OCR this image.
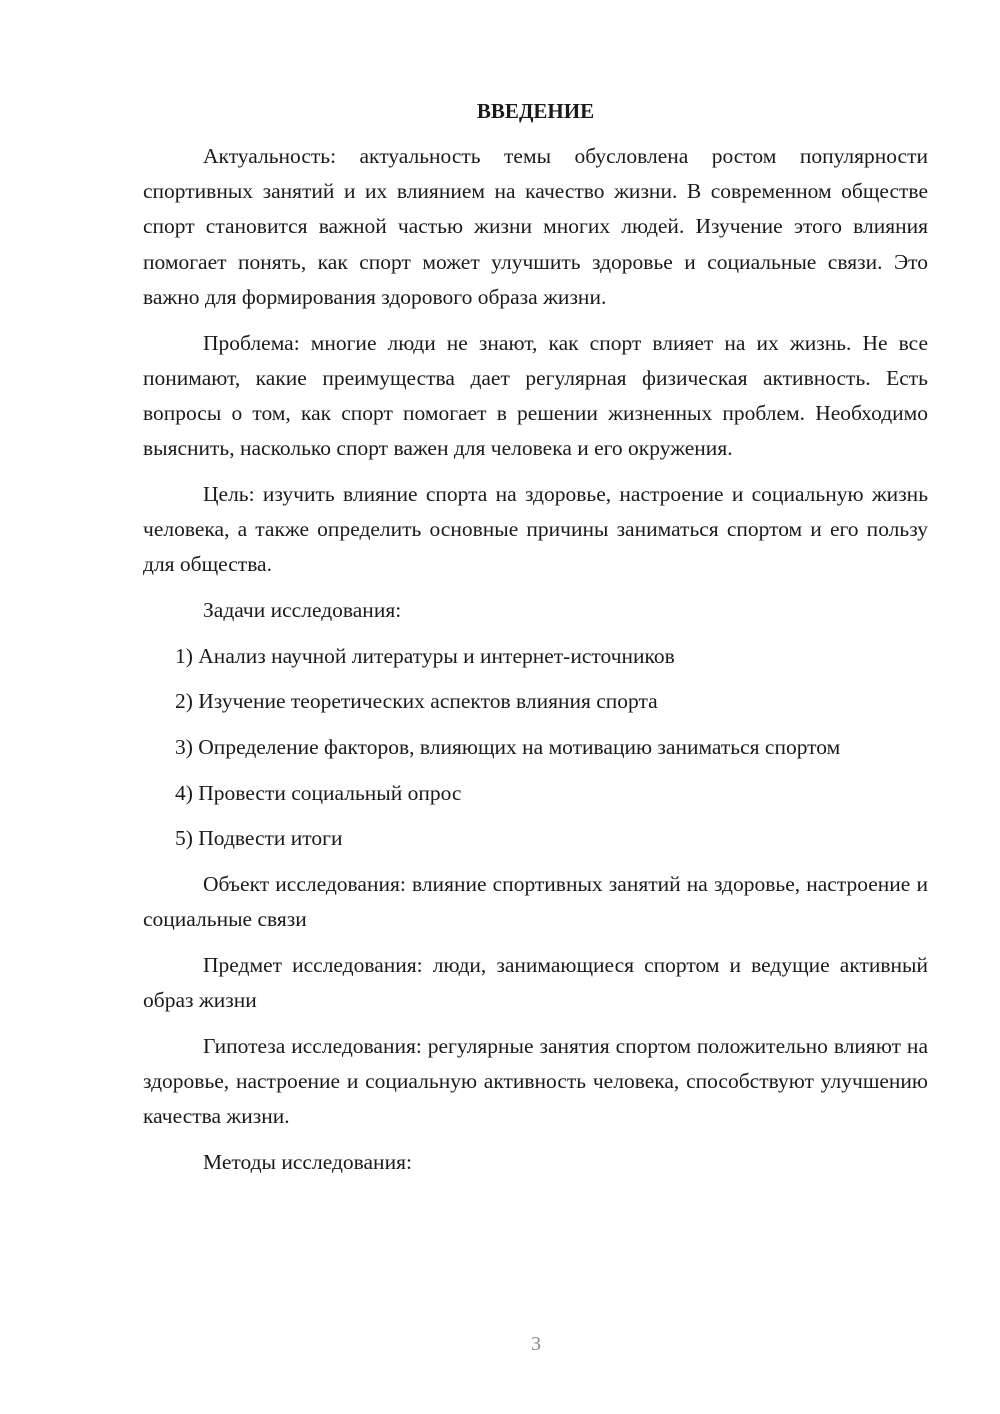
ВВЕДЕНИЕ

Актуальность: актуальность темы обусловлена ростом популярности спортивных занятий и их влиянием на качество жизни. В современном обществе спорт становится важной частью жизни многих людей. Изучение этого влияния помогает понять, как спорт может улучшить здоровье и социальные связи. Это важно для формирования здорового образа жизни.

Проблема: многие люди не знают, как спорт влияет на их жизнь. Не все понимают, какие преимущества дает регулярная физическая активность. Есть вопросы о том, как спорт помогает в решении жизненных проблем. Необходимо выяснить, насколько спорт важен для человека и его окружения.

Цель: изучить влияние спорта на здоровье, настроение и социальную жизнь человека, а также определить основные причины заниматься спортом и его пользу для общества.

Задачи исследования:

1) Анализ научной литературы и интернет-источников

2) Изучение теоретических аспектов влияния спорта

3) Определение факторов, влияющих на мотивацию заниматься спортом

4) Провести социальный опрос

5) Подвести итоги

Объект исследования: влияние спортивных занятий на здоровье, настроение и социальные связи

Предмет исследования: люди, занимающиеся спортом и ведущие активный образ жизни

Гипотеза исследования: регулярные занятия спортом положительно влияют на здоровье, настроение и социальную активность человека, способствуют улучшению качества жизни.

Методы исследования:

3
